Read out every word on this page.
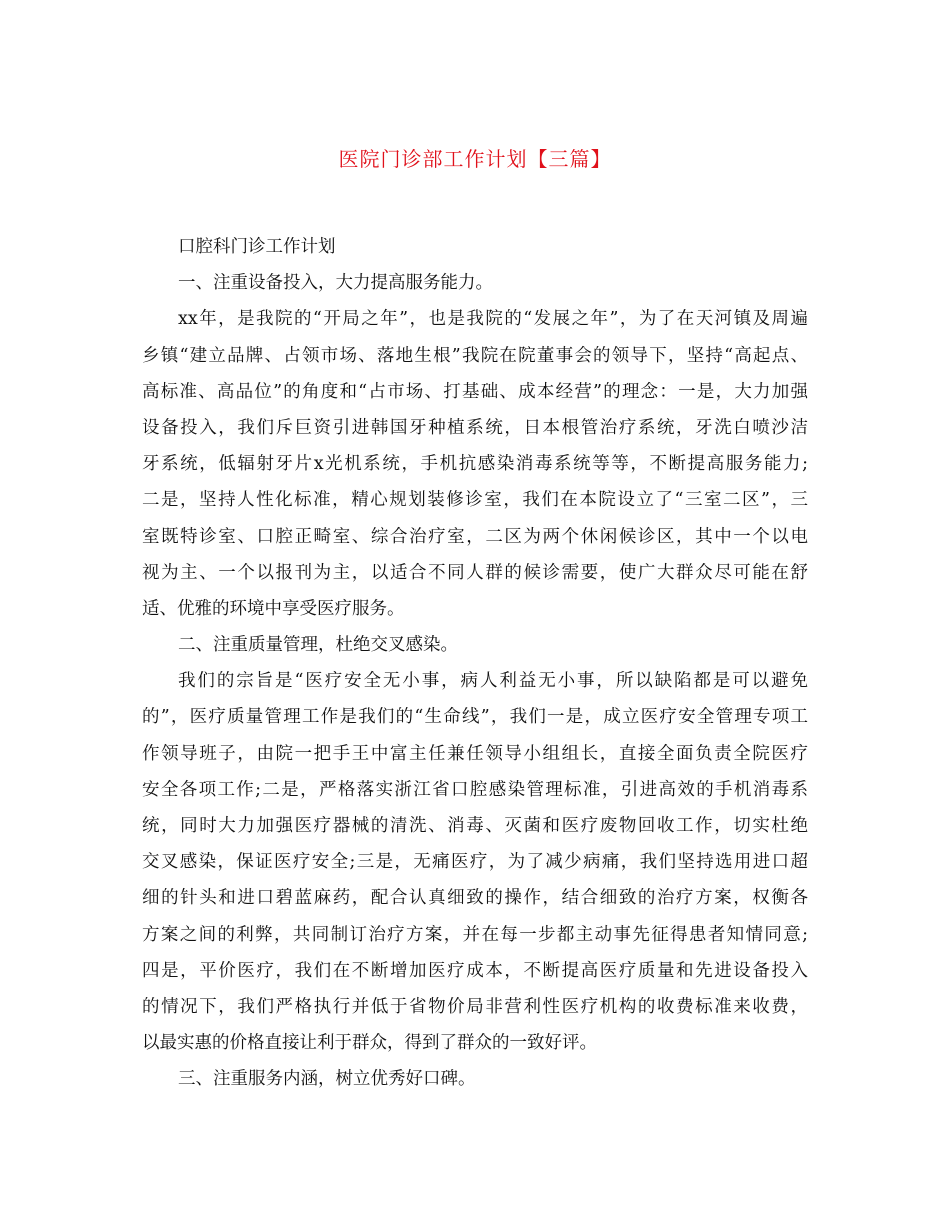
医院门诊部工作计划【三篇】
口腔科门诊工作计划
一、注重设备投入，大力提高服务能力。
xx年，是我院的“开局之年”，也是我院的“发展之年”，为了在天河镇及周遍
乡镇“建立品牌、占领市场、落地生根”我院在院董事会的领导下，坚持“高起点、
高标准、高品位”的角度和“占市场、打基础、成本经营”的理念：一是，大力加强
设备投入，我们斥巨资引进韩国牙种植系统，日本根管治疗系统，牙洗白喷沙洁
牙系统，低辐射牙片x光机系统，手机抗感染消毒系统等等，不断提高服务能力;
二是，坚持人性化标准，精心规划装修诊室，我们在本院设立了“三室二区”，三
室既特诊室、口腔正畸室、综合治疗室，二区为两个休闲候诊区，其中一个以电
视为主、一个以报刊为主，以适合不同人群的候诊需要，使广大群众尽可能在舒
适、优雅的环境中享受医疗服务。
二、注重质量管理，杜绝交叉感染。
我们的宗旨是“医疗安全无小事，病人利益无小事，所以缺陷都是可以避免
的”，医疗质量管理工作是我们的“生命线”，我们一是，成立医疗安全管理专项工
作领导班子，由院一把手王中富主任兼任领导小组组长，直接全面负责全院医疗
安全各项工作;二是，严格落实浙江省口腔感染管理标准，引进高效的手机消毒系
统，同时大力加强医疗器械的清洗、消毒、灭菌和医疗废物回收工作，切实杜绝
交叉感染，保证医疗安全;三是，无痛医疗，为了减少病痛，我们坚持选用进口超
细的针头和进口碧蓝麻药，配合认真细致的操作，结合细致的治疗方案，权衡各
方案之间的利弊，共同制订治疗方案，并在每一步都主动事先征得患者知情同意;
四是，平价医疗，我们在不断增加医疗成本，不断提高医疗质量和先进设备投入
的情况下，我们严格执行并低于省物价局非营利性医疗机构的收费标准来收费，
以最实惠的价格直接让利于群众，得到了群众的一致好评。
三、注重服务内涵，树立优秀好口碑。
